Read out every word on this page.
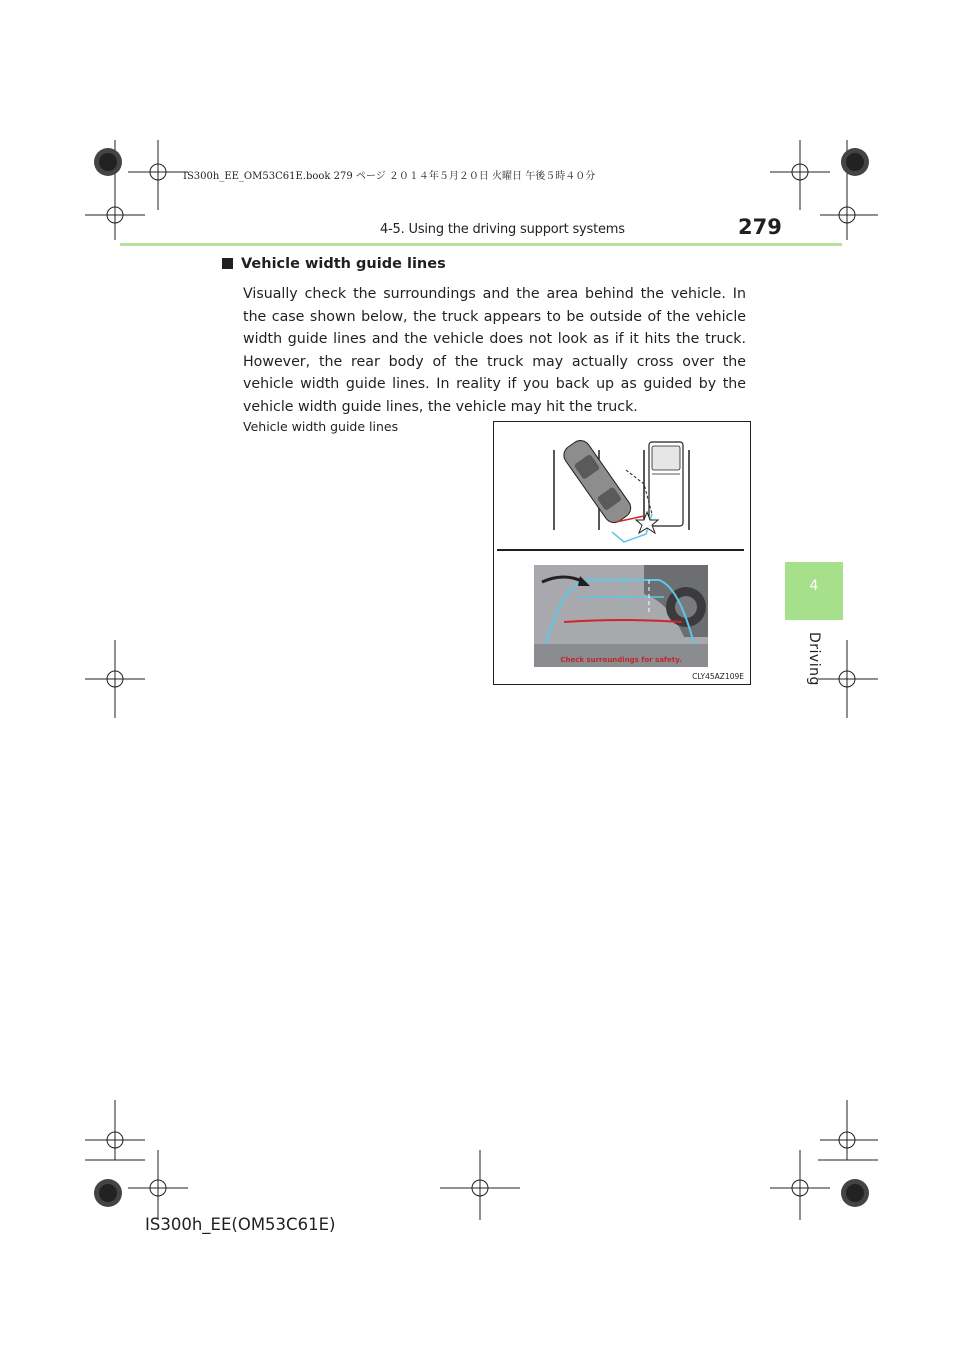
IS300h_EE_OM53C61E.book 279 ページ ２０１４年５月２０日 火曜日 午後５時４０分
4-5. Using the driving support systems	279
4
Driving
Vehicle width guide lines
Visually check the surroundings and the area behind the vehicle. In the case shown below, the truck appears to be outside of the vehicle width guide lines and the vehicle does not look as if it hits the truck. However, the rear body of the truck may actually cross over the vehicle width guide lines. In reality if you back up as guided by the vehicle width guide lines, the vehicle may hit the truck.
Vehicle width guide lines
Check surroundings for safety.
CLY45AZ109E
IS300h_EE(OM53C61E)
